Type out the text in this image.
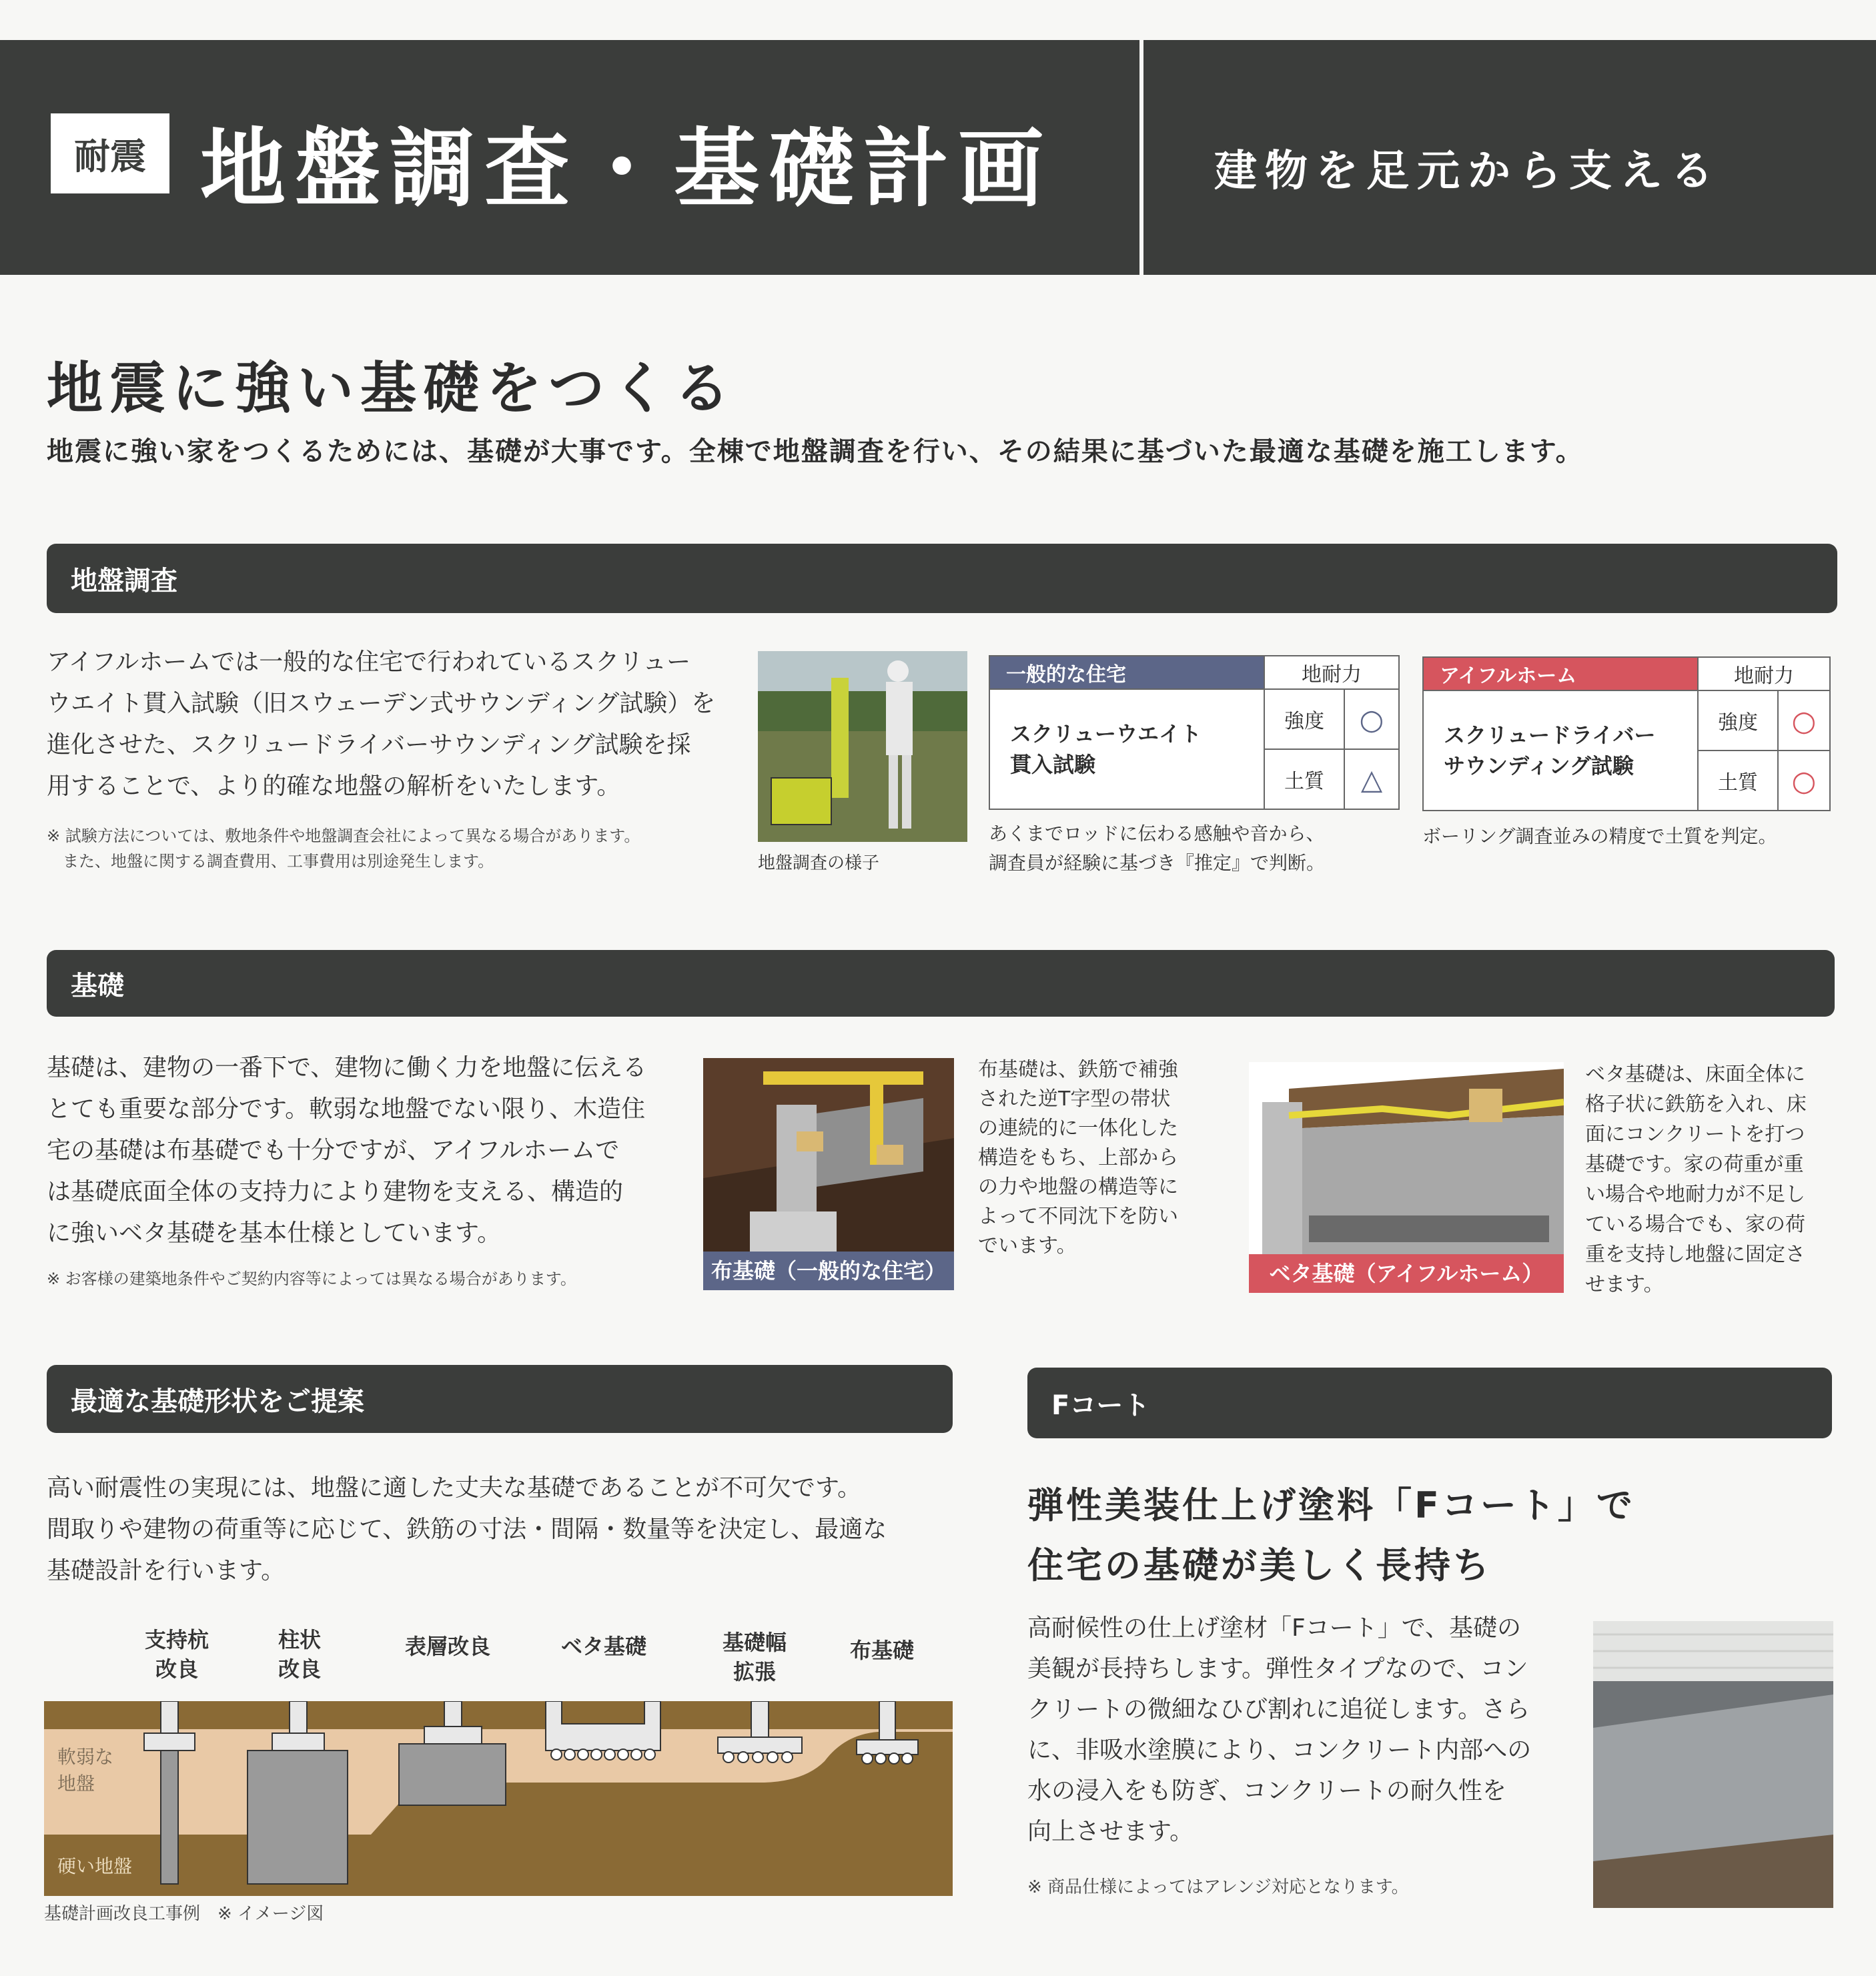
耐震 地盤調査・基礎計画	建物を足元から支える
地震に強い基礎をつくる
地震に強い家をつくるためには、基礎が大事です。全棟で地盤調査を行い、その結果に基づいた最適な基礎を施工します。
地盤調査
アイフルホームでは一般的な住宅で行われているスクリュー
ウエイト貫入試験（旧スウェーデン式サウンディング試験）を
進化させた、スクリュードライバーサウンディング試験を採
用することで、より的確な地盤の解析をいたします。
※ 試験方法については、敷地条件や地盤調査会社によって異なる場合があります。
　また、地盤に関する調査費用、工事費用は別途発生します。	地盤調査の様子
一般的な住宅	地耐力	

スクリューウエイト
貫入試験	強度	○
	土質	△
あくまでロッドに伝わる感触や音から、
調査員が経験に基づき『推定』で判断。
アイフルホーム	地耐力	

スクリュードライバー
サウンディング試験	強度	○
	土質	○
ボーリング調査並みの精度で土質を判定。
基礎
基礎は、建物の一番下で、建物に働く力を地盤に伝える
とても重要な部分です。軟弱な地盤でない限り、木造住
宅の基礎は布基礎でも十分ですが、アイフルホームで
は基礎底面全体の支持力により建物を支える、構造的
に強いベタ基礎を基本仕様としています。
※ お客様の建築地条件やご契約内容等によっては異なる場合があります。	布基礎（一般的な住宅）
布基礎は、鉄筋で補強
された逆T字型の帯状
の連続的に一体化した
構造をもち、上部から
の力や地盤の構造等に
よって不同沈下を防い
でいます。
ベタ基礎（アイフルホーム）
ベタ基礎は、床面全体に
格子状に鉄筋を入れ、床
面にコンクリートを打つ
基礎です。家の荷重が重
い場合や地耐力が不足し
ている場合でも、家の荷
重を支持し地盤に固定さ
せます。
最適な基礎形状をご提案
高い耐震性の実現には、地盤に適した丈夫な基礎であることが不可欠です。
間取りや建物の荷重等に応じて、鉄筋の寸法・間隔・数量等を決定し、最適な
基礎設計を行います。
支持杭
改良
柱状
改良
表層改良	ベタ基礎	基礎幅
拡張
布基礎
軟弱な
地盤
硬い地盤
基礎計画改良工事例　※ イメージ図
Fコート
弾性美装仕上げ塗料「Fコート」で
住宅の基礎が美しく長持ち
高耐候性の仕上げ塗材「Fコート」で、基礎の
美観が長持ちします。弾性タイプなので、コン
クリートの微細なひび割れに追従します。さら
に、非吸水塗膜により、コンクリート内部への
水の浸入をも防ぎ、コンクリートの耐久性を
向上させます。
※ 商品仕様によってはアレンジ対応となります。
